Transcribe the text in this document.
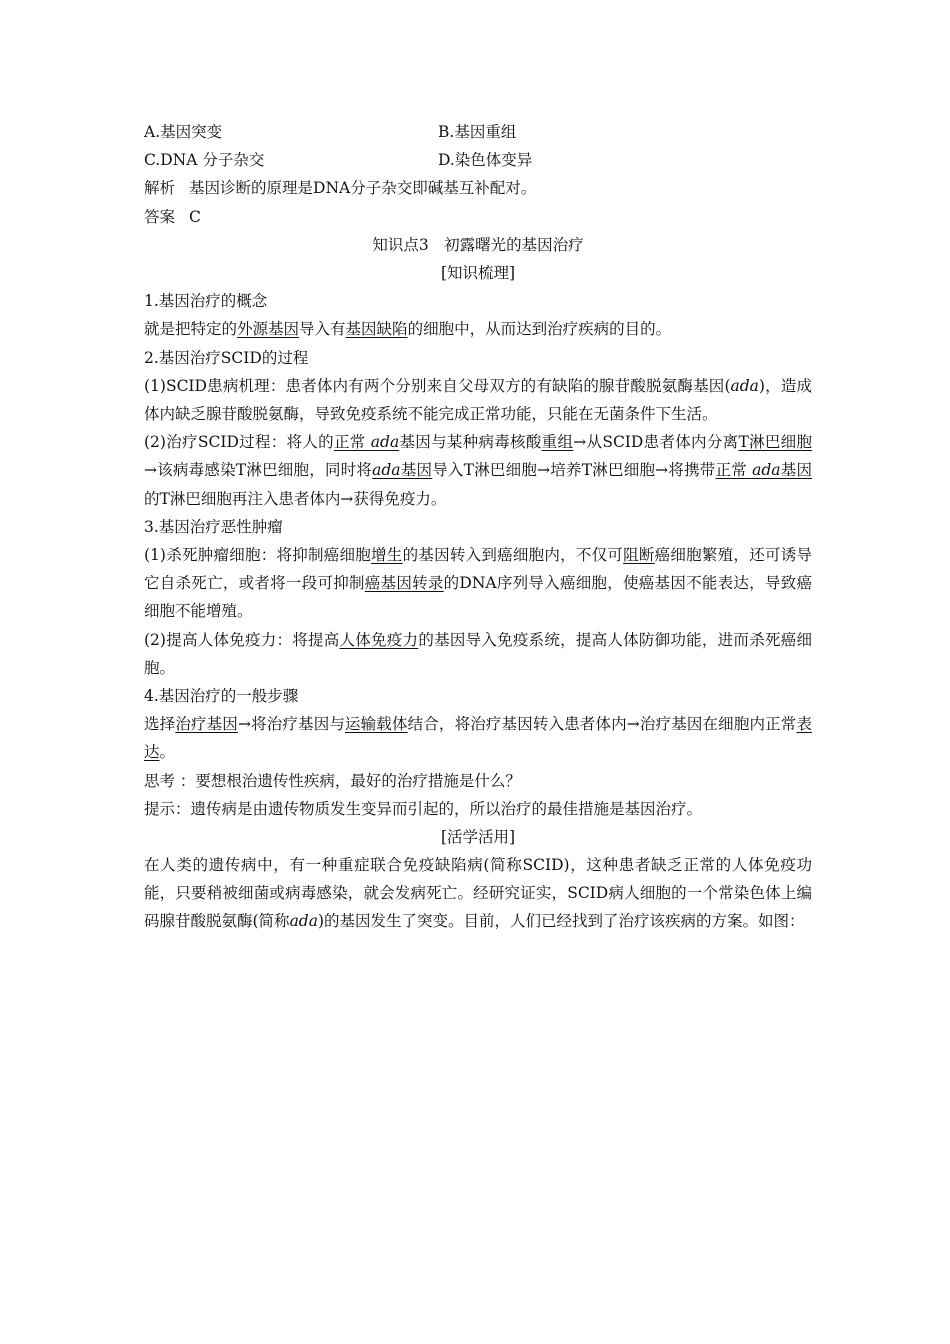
A.基因突变	B.基因重组
C.DNA 分子杂交	D.染色体变异
解析 基因诊断的原理是DNA分子杂交即碱基互补配对。
答案 C
知识点3　初露曙光的基因治疗
[知识梳理]
1.基因治疗的概念
就是把特定的外源基因导入有基因缺陷的细胞中，从而达到治疗疾病的目的。
2.基因治疗SCID的过程
(1)SCID患病机理：患者体内有两个分别来自父母双方的有缺陷的腺苷酸脱氨酶基因(ada)，造成体内缺乏腺苷酸脱氨酶，导致免疫系统不能完成正常功能，只能在无菌条件下生活。
(2)治疗SCID过程：将人的正常 ada基因与某种病毒核酸重组→从SCID患者体内分离T淋巴细胞→该病毒感染T淋巴细胞，同时将ada基因导入T淋巴细胞→培养T淋巴细胞→将携带正常 ada基因的T淋巴细胞再注入患者体内→获得免疫力。
3.基因治疗恶性肿瘤
(1)杀死肿瘤细胞：将抑制癌细胞增生的基因转入到癌细胞内，不仅可阻断癌细胞繁殖，还可诱导它自杀死亡，或者将一段可抑制癌基因转录的DNA序列导入癌细胞，使癌基因不能表达，导致癌细胞不能增殖。
(2)提高人体免疫力：将提高人体免疫力的基因导入免疫系统，提高人体防御功能，进而杀死癌细胞。
4.基因治疗的一般步骤
选择治疗基因→将治疗基因与运输载体结合，将治疗基因转入患者体内→治疗基因在细胞内正常表达。
思考 ：要想根治遗传性疾病，最好的治疗措施是什么？
提示：遗传病是由遗传物质发生变异而引起的，所以治疗的最佳措施是基因治疗。
[活学活用]
在人类的遗传病中，有一种重症联合免疫缺陷病(简称SCID)，这种患者缺乏正常的人体免疫功能，只要稍被细菌或病毒感染，就会发病死亡。经研究证实，SCID病人细胞的一个常染色体上编码腺苷酸脱氨酶(简称ada)的基因发生了突变。目前，人们已经找到了治疗该疾病的方案。如图：
